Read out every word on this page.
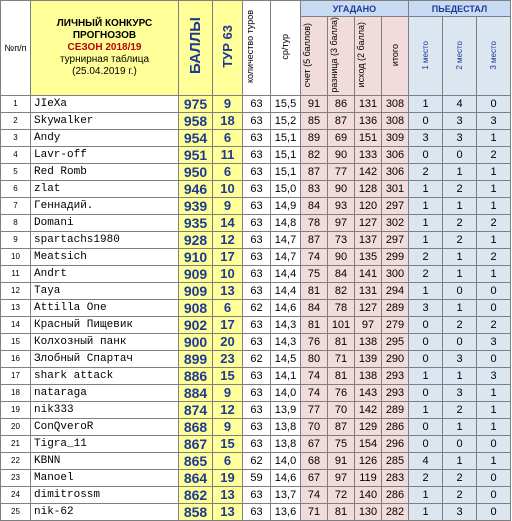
№п/п	ЛИЧНЫЙ КОНКУРС
ПРОГНОЗОВ
СЕЗОН 2018/19
турнирная таблица
(25.04.2019 г.)	БАЛЛЫ	ТУР 63	количество туров	ср/тур	УГАДАНО				ПЬЕДЕСТАЛ		
						счет (5 баллов)	разница (3 балла)	исход (2 балла)	итого	1 место	2 место	3 место
1	JIeXa	975	9	63	15,5	91	86	131	308	1	4	0
2	Skywalker	958	18	63	15,2	85	87	136	308	0	3	3
3	Andy	954	6	63	15,1	89	69	151	309	3	3	1
4	Lavr-off	951	11	63	15,1	82	90	133	306	0	0	2
5	Red Romb	950	6	63	15,1	87	77	142	306	2	1	1
6	zlat	946	10	63	15,0	83	90	128	301	1	2	1
7	Геннадий.	939	9	63	14,9	84	93	120	297	1	1	1
8	Domani	935	14	63	14,8	78	97	127	302	1	2	2
9	spartachs1980	928	12	63	14,7	87	73	137	297	1	2	1
10	Meatsich	910	17	63	14,7	74	90	135	299	2	1	2
11	Andrt	909	10	63	14,4	75	84	141	300	2	1	1
12	Taya	909	13	63	14,4	81	82	131	294	1	0	0
13	Attilla One	908	6	62	14,6	84	78	127	289	3	1	0
14	Красный Пищевик	902	17	63	14,3	81	101	97	279	0	2	2
15	Колхозный панк	900	20	63	14,3	76	81	138	295	0	0	3
16	Злобный Спартач	899	23	62	14,5	80	71	139	290	0	3	0
17	shark attack	886	15	63	14,1	74	81	138	293	1	1	3
18	nataraga	884	9	63	14,0	74	76	143	293	0	3	1
19	nik333	874	12	63	13,9	77	70	142	289	1	2	1
20	ConQveroR	868	9	63	13,8	70	87	129	286	0	1	1
21	Tigra_11	867	15	63	13,8	67	75	154	296	0	0	0
22	KBNN	865	6	62	14,0	68	91	126	285	4	1	1
23	Manoel	864	19	59	14,6	67	97	119	283	2	2	0
24	dimitrossm	862	13	63	13,7	74	72	140	286	1	2	0
25	nik-62	858	13	63	13,6	71	81	130	282	1	3	0
